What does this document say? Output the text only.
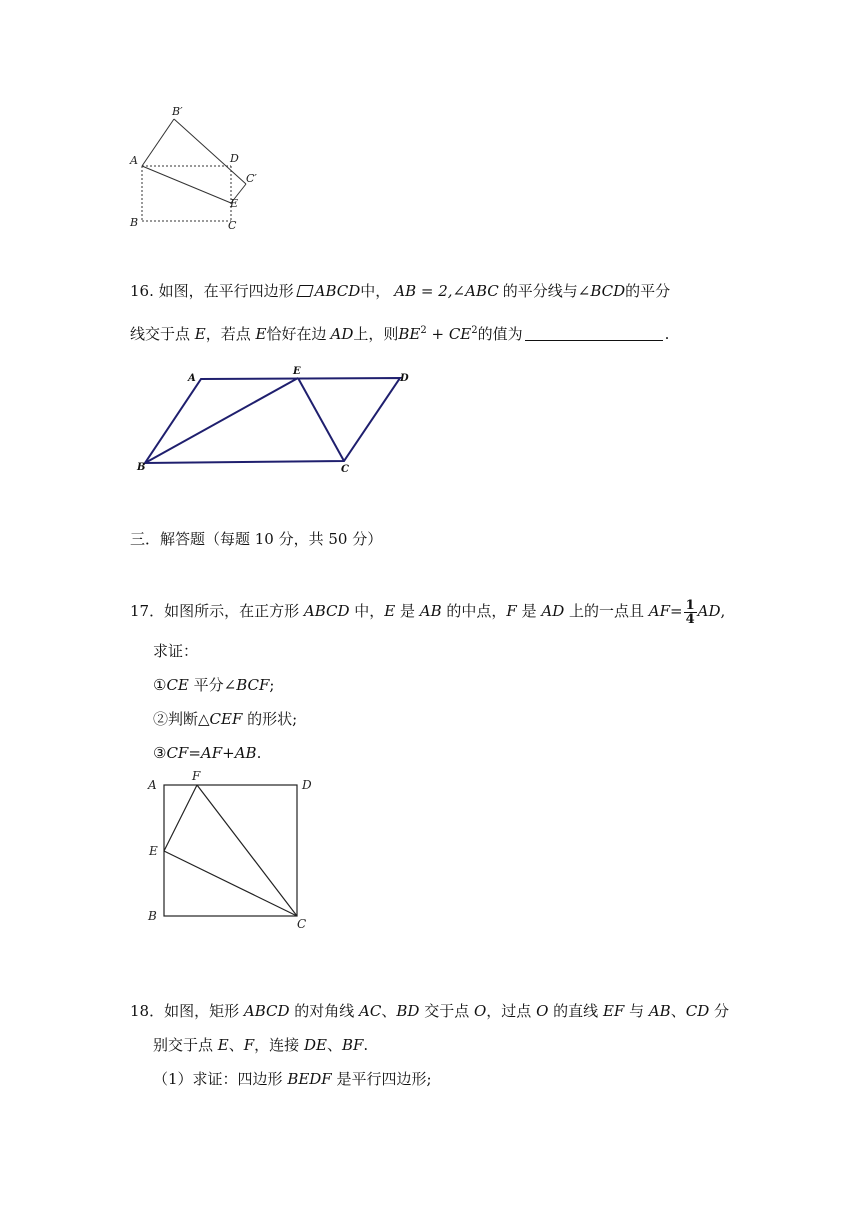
B′
A	D
C′
E
B	C
16. 如图，在平行四边形 ABCD中， AB = 2,∠ABC 的平分线与∠BCD的平分
线交于点 E，若点 E恰好在边 AD上，则$BE^2 + CE^2$的值为	.
A
E
D
B	C
三．解答题（每题 10 分，共 50 分）
17．如图所示，在正方形 ABCD 中，E 是 AB 的中点，F 是 AD 上的一点且 $AF= \frac{1}{4}$ AD,
求证：
①CE 平分∠BCF;
②判断△CEF 的形状;
③CF=AF+AB.
A
F
D
E
B
C
18．如图，矩形 ABCD 的对角线 AC、BD 交于点 O，过点 O 的直线 EF 与 AB、CD 分
别交于点 E、F，连接 DE、BF.
（1）求证：四边形 BEDF 是平行四边形;
